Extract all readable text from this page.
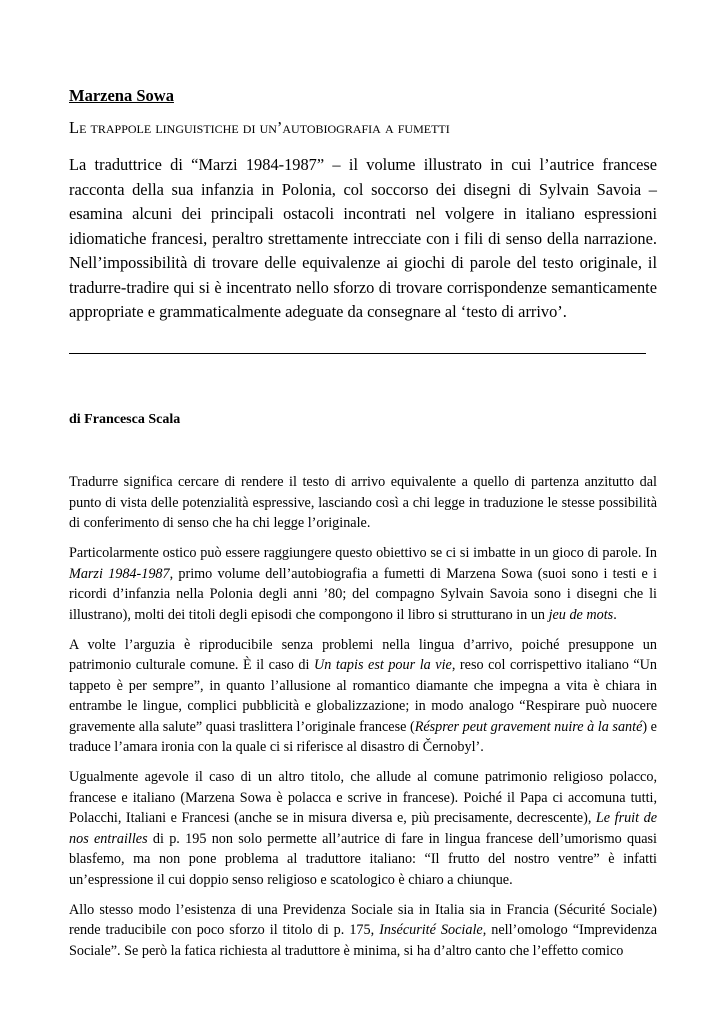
Marzena Sowa

Le trappole linguistiche di un’autobiografia a fumetti

La traduttrice di “Marzi 1984-1987” – il volume illustrato in cui l’autrice francese racconta della sua infanzia in Polonia, col soccorso dei disegni di Sylvain Savoia – esamina alcuni dei principali ostacoli incontrati nel volgere in italiano espressioni idiomatiche francesi, peraltro strettamente intrecciate con i fili di senso della narrazione. Nell’impossibilità di trovare delle equivalenze ai giochi di parole del testo originale, il tradurre-tradire qui si è incentrato nello sforzo di trovare corrispondenze semanticamente appropriate e grammaticalmente adeguate da consegnare al ‘testo di arrivo’.

di Francesca Scala

Tradurre significa cercare di rendere il testo di arrivo equivalente a quello di partenza anzitutto dal punto di vista delle potenzialità espressive, lasciando così a chi legge in traduzione le stesse possibilità di conferimento di senso che ha chi legge l’originale.

Particolarmente ostico può essere raggiungere questo obiettivo se ci si imbatte in un gioco di parole. In Marzi 1984-1987, primo volume dell’autobiografia a fumetti di Marzena Sowa (suoi sono i testi e i ricordi d’infanzia nella Polonia degli anni ’80; del compagno Sylvain Savoia sono i disegni che li illustrano), molti dei titoli degli episodi che compongono il libro si strutturano in un jeu de mots.

A volte l’arguzia è riproducibile senza problemi nella lingua d’arrivo, poiché presuppone un patrimonio culturale comune. È il caso di Un tapis est pour la vie, reso col corrispettivo italiano “Un tappeto è per sempre”, in quanto l’allusione al romantico diamante che impegna a vita è chiara in entrambe le lingue, complici pubblicità e globalizzazione; in modo analogo “Respirare può nuocere gravemente alla salute” quasi traslittera l’originale francese (Résprer peut gravement nuire à la santé) e traduce l’amara ironia con la quale ci si riferisce al disastro di Černobyl’.

Ugualmente agevole il caso di un altro titolo, che allude al comune patrimonio religioso polacco, francese e italiano (Marzena Sowa è polacca e scrive in francese). Poiché il Papa ci accomuna tutti, Polacchi, Italiani e Francesi (anche se in misura diversa e, più precisamente, decrescente), Le fruit de nos entrailles di p. 195 non solo permette all’autrice di fare in lingua francese dell’umorismo quasi blasfemo, ma non pone problema al traduttore italiano: “Il frutto del nostro ventre” è infatti un’espressione il cui doppio senso religioso e scatologico è chiaro a chiunque.

Allo stesso modo l’esistenza di una Previdenza Sociale sia in Italia sia in Francia (Sécurité Sociale) rende traducibile con poco sforzo il titolo di p. 175, Insécurité Sociale, nell’omologo “Imprevidenza Sociale”. Se però la fatica richiesta al traduttore è minima, si ha d’altro canto che l’effetto comico
